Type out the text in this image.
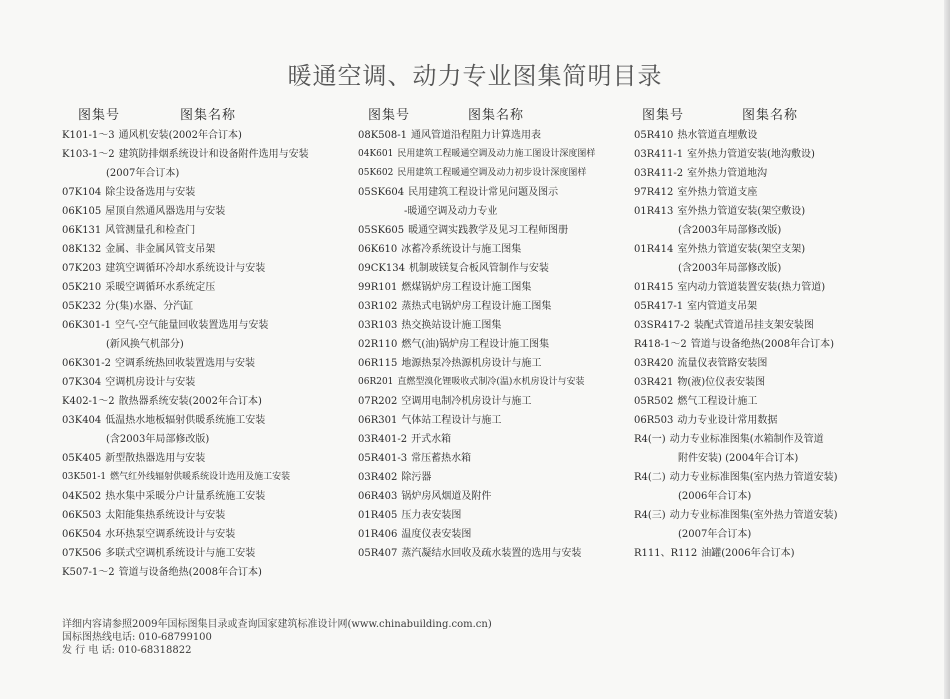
暖通空调、动力专业图集简明目录
图集号	图集名称
K101-1～3 通风机安装(2002年合订本)
K103-1～2 建筑防排烟系统设计和设备附件选用与安装
(2007年合订本)
07K104 除尘设备选用与安装
06K105 屋顶自然通风器选用与安装
06K131 风管测量孔和检查门
08K132 金属、非金属风管支吊架
07K203 建筑空调循环冷却水系统设计与安装
05K210 采暖空调循环水系统定压
05K232 分(集)水器、分汽缸
06K301-1 空气-空气能量回收装置选用与安装
(新风换气机部分)
06K301-2 空调系统热回收装置选用与安装
07K304 空调机房设计与安装
K402-1～2 散热器系统安装(2002年合订本)
03K404 低温热水地板辐射供暖系统施工安装
(含2003年局部修改版)
05K405 新型散热器选用与安装
03K501-1 燃气红外线辐射供暖系统设计选用及施工安装
04K502 热水集中采暖分户计量系统施工安装
06K503 太阳能集热系统设计与安装
06K504 水环热泵空调系统设计与安装
07K506 多联式空调机系统设计与施工安装
K507-1～2 管道与设备绝热(2008年合订本)
图集号	图集名称
08K508-1 通风管道沿程阻力计算选用表
04K601 民用建筑工程暖通空调及动力施工图设计深度图样
05K602 民用建筑工程暖通空调及动力初步设计深度图样
05SK604 民用建筑工程设计常见问题及图示
-暖通空调及动力专业
05SK605 暖通空调实践教学及见习工程师图册
06K610 冰蓄冷系统设计与施工图集
09CK134 机制玻镁复合板风管制作与安装
99R101 燃煤锅炉房工程设计施工图集
03R102 蒸热式电锅炉房工程设计施工图集
03R103 热交换站设计施工图集
02R110 燃气(油)锅炉房工程设计施工图集
06R115 地源热泵冷热源机房设计与施工
06R201 直燃型溴化锂吸收式制冷(温)水机房设计与安装
07R202 空调用电制冷机房设计与施工
06R301 气体站工程设计与施工
03R401-2 开式水箱
05R401-3 常压蓄热水箱
03R402 除污器
06R403 锅炉房风烟道及附件
01R405 压力表安装图
01R406 温度仪表安装图
05R407 蒸汽凝结水回收及疏水装置的选用与安装
图集号	图集名称
05R410 热水管道直埋敷设
03R411-1 室外热力管道安装(地沟敷设)
03R411-2 室外热力管道地沟
97R412 室外热力管道支座
01R413 室外热力管道安装(架空敷设)
(含2003年局部修改版)
01R414 室外热力管道安装(架空支架)
(含2003年局部修改版)
01R415 室内动力管道装置安装(热力管道)
05R417-1 室内管道支吊架
03SR417-2 装配式管道吊挂支架安装图
R418-1～2 管道与设备绝热(2008年合订本)
03R420 流量仪表管路安装图
03R421 物(液)位仪表安装图
05R502 燃气工程设计施工
06R503 动力专业设计常用数据
R4(一) 动力专业标准图集(水箱制作及管道
附件安装) (2004年合订本)
R4(二) 动力专业标准图集(室内热力管道安装)
(2006年合订本)
R4(三) 动力专业标准图集(室外热力管道安装)
(2007年合订本)
R111、R112 油罐(2006年合订本)
详细内容请参照2009年国标图集目录或查询国家建筑标准设计网(www.chinabuilding.com.cn)
国标图热线电话: 010-68799100
发 行 电 话: 010-68318822
